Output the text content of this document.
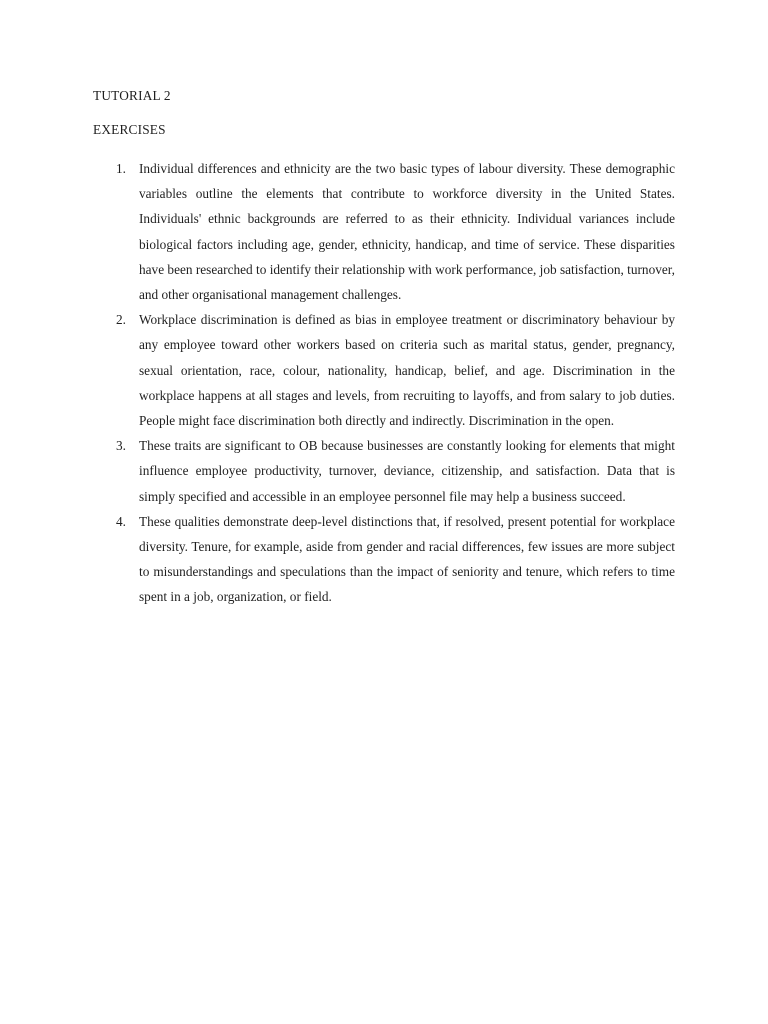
TUTORIAL 2
EXERCISES
1. Individual differences and ethnicity are the two basic types of labour diversity. These demographic variables outline the elements that contribute to workforce diversity in the United States. Individuals' ethnic backgrounds are referred to as their ethnicity. Individual variances include biological factors including age, gender, ethnicity, handicap, and time of service. These disparities have been researched to identify their relationship with work performance, job satisfaction, turnover, and other organisational management challenges.
2. Workplace discrimination is defined as bias in employee treatment or discriminatory behaviour by any employee toward other workers based on criteria such as marital status, gender, pregnancy, sexual orientation, race, colour, nationality, handicap, belief, and age. Discrimination in the workplace happens at all stages and levels, from recruiting to layoffs, and from salary to job duties. People might face discrimination both directly and indirectly. Discrimination in the open.
3. These traits are significant to OB because businesses are constantly looking for elements that might influence employee productivity, turnover, deviance, citizenship, and satisfaction. Data that is simply specified and accessible in an employee personnel file may help a business succeed.
4. These qualities demonstrate deep-level distinctions that, if resolved, present potential for workplace diversity. Tenure, for example, aside from gender and racial differences, few issues are more subject to misunderstandings and speculations than the impact of seniority and tenure, which refers to time spent in a job, organization, or field.
